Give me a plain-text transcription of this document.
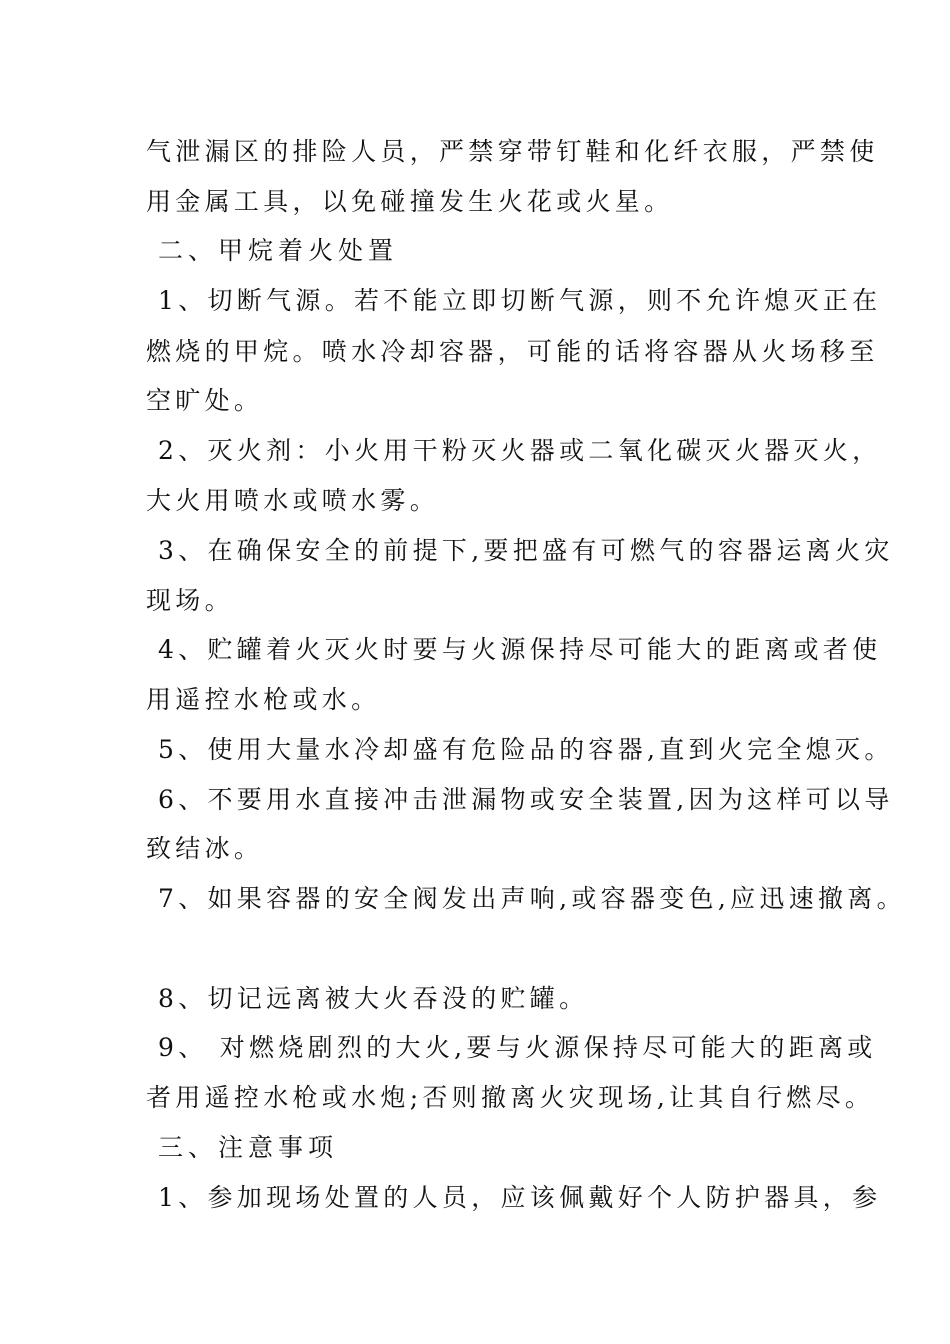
气泄漏区的排险人员，严禁穿带钉鞋和化纤衣服，严禁使
用金属工具，以免碰撞发生火花或火星。
二、甲烷着火处置
1、切断气源。若不能立即切断气源，则不允许熄灭正在
燃烧的甲烷。喷水冷却容器，可能的话将容器从火场移至
空旷处。
2、灭火剂：小火用干粉灭火器或二氧化碳灭火器灭火，
大火用喷水或喷水雾。
3、在确保安全的前提下,要把盛有可燃气的容器运离火灾
现场。
4、贮罐着火灭火时要与火源保持尽可能大的距离或者使
用遥控水枪或水。
5、使用大量水冷却盛有危险品的容器,直到火完全熄灭。
6、不要用水直接冲击泄漏物或安全装置,因为这样可以导
致结冰。
7、如果容器的安全阀发出声响,或容器变色,应迅速撤离。
8、切记远离被大火吞没的贮罐。
9、 对燃烧剧烈的大火,要与火源保持尽可能大的距离或
者用遥控水枪或水炮;否则撤离火灾现场,让其自行燃尽。
三、注意事项
1、参加现场处置的人员，应该佩戴好个人防护器具，参
